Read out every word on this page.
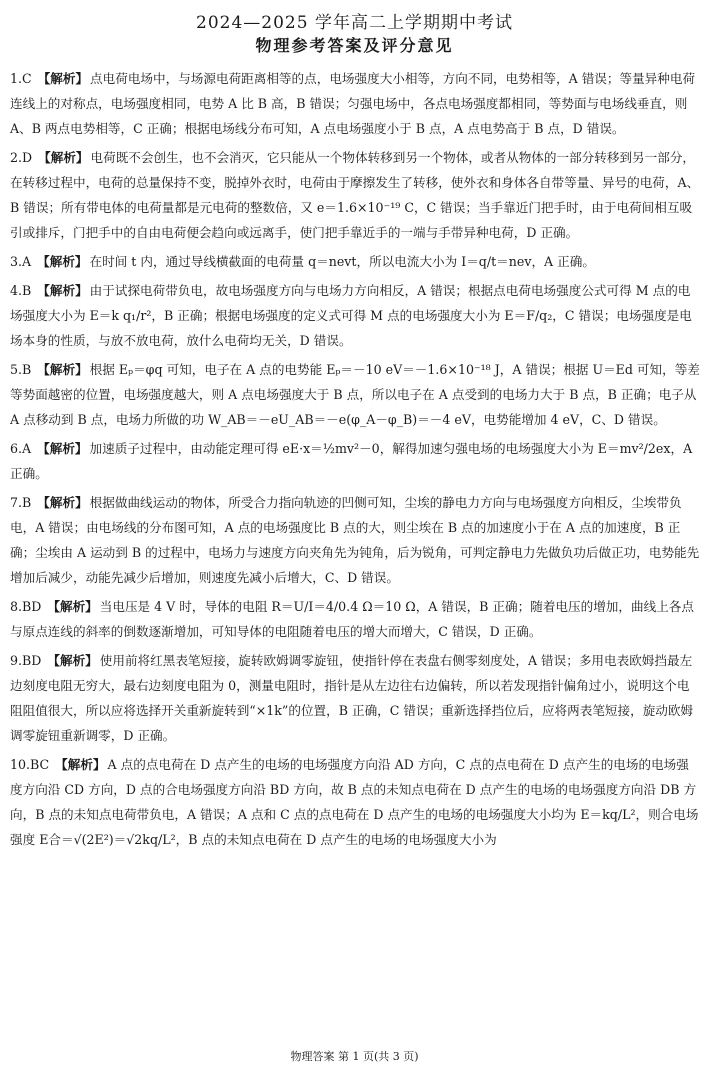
2024—2025 学年高二上学期期中考试
物理参考答案及评分意见
1.C 【解析】 点电荷电场中，与场源电荷距离相等的点，电场强度大小相等，方向不同，电势相等，A 错误；等量异种电荷连线上的对称点，电场强度相同，电势 A 比 B 高，B 错误；匀强电场中，各点电场强度都相同，等势面与电场线垂直，则 A、B 两点电势相等，C 正确；根据电场线分布可知，A 点电场强度小于 B 点，A 点电势高于 B 点，D 错误。
2.D 【解析】 电荷既不会创生，也不会消灭，它只能从一个物体转移到另一个物体，或者从物体的一部分转移到另一部分，在转移过程中，电荷的总量保持不变，脱掉外衣时，电荷由于摩擦发生了转移，使外衣和身体各自带等量、异号的电荷，A、B 错误；所有带电体的电荷量都是元电荷的整数倍，又 e＝1.6×10⁻¹⁹ C，C 错误；当手靠近门把手时，由于电荷间相互吸引或排斥，门把手中的自由电荷便会趋向或远离手，使门把手靠近手的一端与手带异种电荷，D 正确。
3.A 【解析】 在时间 t 内，通过导线横截面的电荷量 q＝nevt，所以电流大小为 I＝q/t＝nev，A 正确。
4.B 【解析】 由于试探电荷带负电，故电场强度方向与电场力方向相反，A 错误；根据点电荷电场强度公式可得 M 点的电场强度大小为 E＝k q₁/r²，B 正确；根据电场强度的定义式可得 M 点的电场强度大小为 E＝F/q₂，C 错误；电场强度是电场本身的性质，与放不放电荷，放什么电荷均无关，D 错误。
5.B 【解析】 根据 Eₚ＝φq 可知，电子在 A 点的电势能 Eₚ＝－10 eV＝－1.6×10⁻¹⁸ J，A 错误；根据 U＝Ed 可知，等差等势面越密的位置，电场强度越大，则 A 点电场强度大于 B 点，所以电子在 A 点受到的电场力大于 B 点，B 正确；电子从 A 点移动到 B 点，电场力所做的功 W_AB＝－eU_AB＝－e(φ_A－φ_B)＝－4 eV，电势能增加 4 eV，C、D 错误。
6.A 【解析】 加速质子过程中，由动能定理可得 eE·x＝½mv²－0，解得加速匀强电场的电场强度大小为 E＝mv²/2ex，A 正确。
7.B 【解析】 根据做曲线运动的物体，所受合力指向轨迹的凹侧可知，尘埃的静电力方向与电场强度方向相反，尘埃带负电，A 错误；由电场线的分布图可知，A 点的电场强度比 B 点的大，则尘埃在 B 点的加速度小于在 A 点的加速度，B 正确；尘埃由 A 运动到 B 的过程中，电场力与速度方向夹角先为钝角，后为锐角，可判定静电力先做负功后做正功，电势能先增加后减少，动能先减少后增加，则速度先减小后增大，C、D 错误。
8.BD 【解析】 当电压是 4 V 时，导体的电阻 R＝U/I＝4/0.4 Ω＝10 Ω，A 错误，B 正确；随着电压的增加，曲线上各点与原点连线的斜率的倒数逐渐增加，可知导体的电阻随着电压的增大而增大，C 错误，D 正确。
9.BD 【解析】 使用前将红黑表笔短接，旋转欧姆调零旋钮，使指针停在表盘右侧零刻度处，A 错误；多用电表欧姆挡最左边刻度电阻无穷大，最右边刻度电阻为 0，测量电阻时，指针是从左边往右边偏转，所以若发现指针偏角过小，说明这个电阻阻值很大，所以应将选择开关重新旋转到“×1k”的位置，B 正确，C 错误；重新选择挡位后，应将两表笔短接，旋动欧姆调零旋钮重新调零，D 正确。
10.BC 【解析】 A 点的点电荷在 D 点产生的电场的电场强度方向沿 AD 方向，C 点的点电荷在 D 点产生的电场的电场强度方向沿 CD 方向，D 点的合电场强度方向沿 BD 方向，故 B 点的未知点电荷在 D 点产生的电场的电场强度方向沿 DB 方向，B 点的未知点电荷带负电，A 错误；A 点和 C 点的点电荷在 D 点产生的电场的电场强度大小均为 E＝kq/L²，则合电场强度 E合＝√(2E²)＝√2kq/L²，B 点的未知点电荷在 D 点产生的电场的电场强度大小为
物理答案 第 1 页(共 3 页)
